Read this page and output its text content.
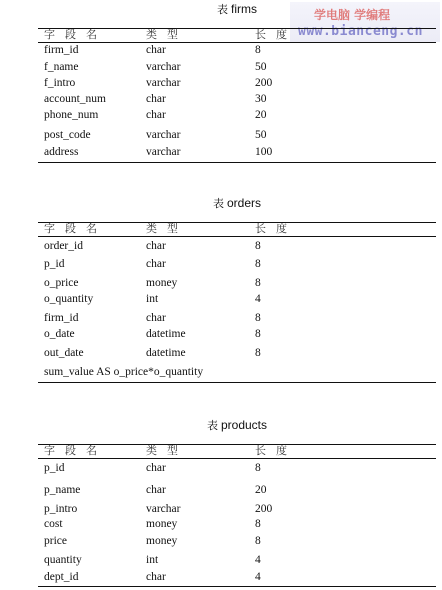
学电脑 学编程
www.bianceng.cn
表 firms
字段名	类型	长度
firm_id	char	8
f_name	varchar	50
f_intro	varchar	200
account_num	char	30
phone_num	char	20
post_code	varchar	50
address	varchar	100
表 orders
字段名	类型	长度
order_id	char	8
p_id	char	8
o_price	money	8
o_quantity	int	4
firm_id	char	8
o_date	datetime	8
out_date	datetime	8
sum_value AS o_price*o_quantity
表 products
字段名	类型	长度
p_id	char	8
p_name	char	20
p_intro	varchar	200
cost	money	8
price	money	8
quantity	int	4
dept_id	char	4
